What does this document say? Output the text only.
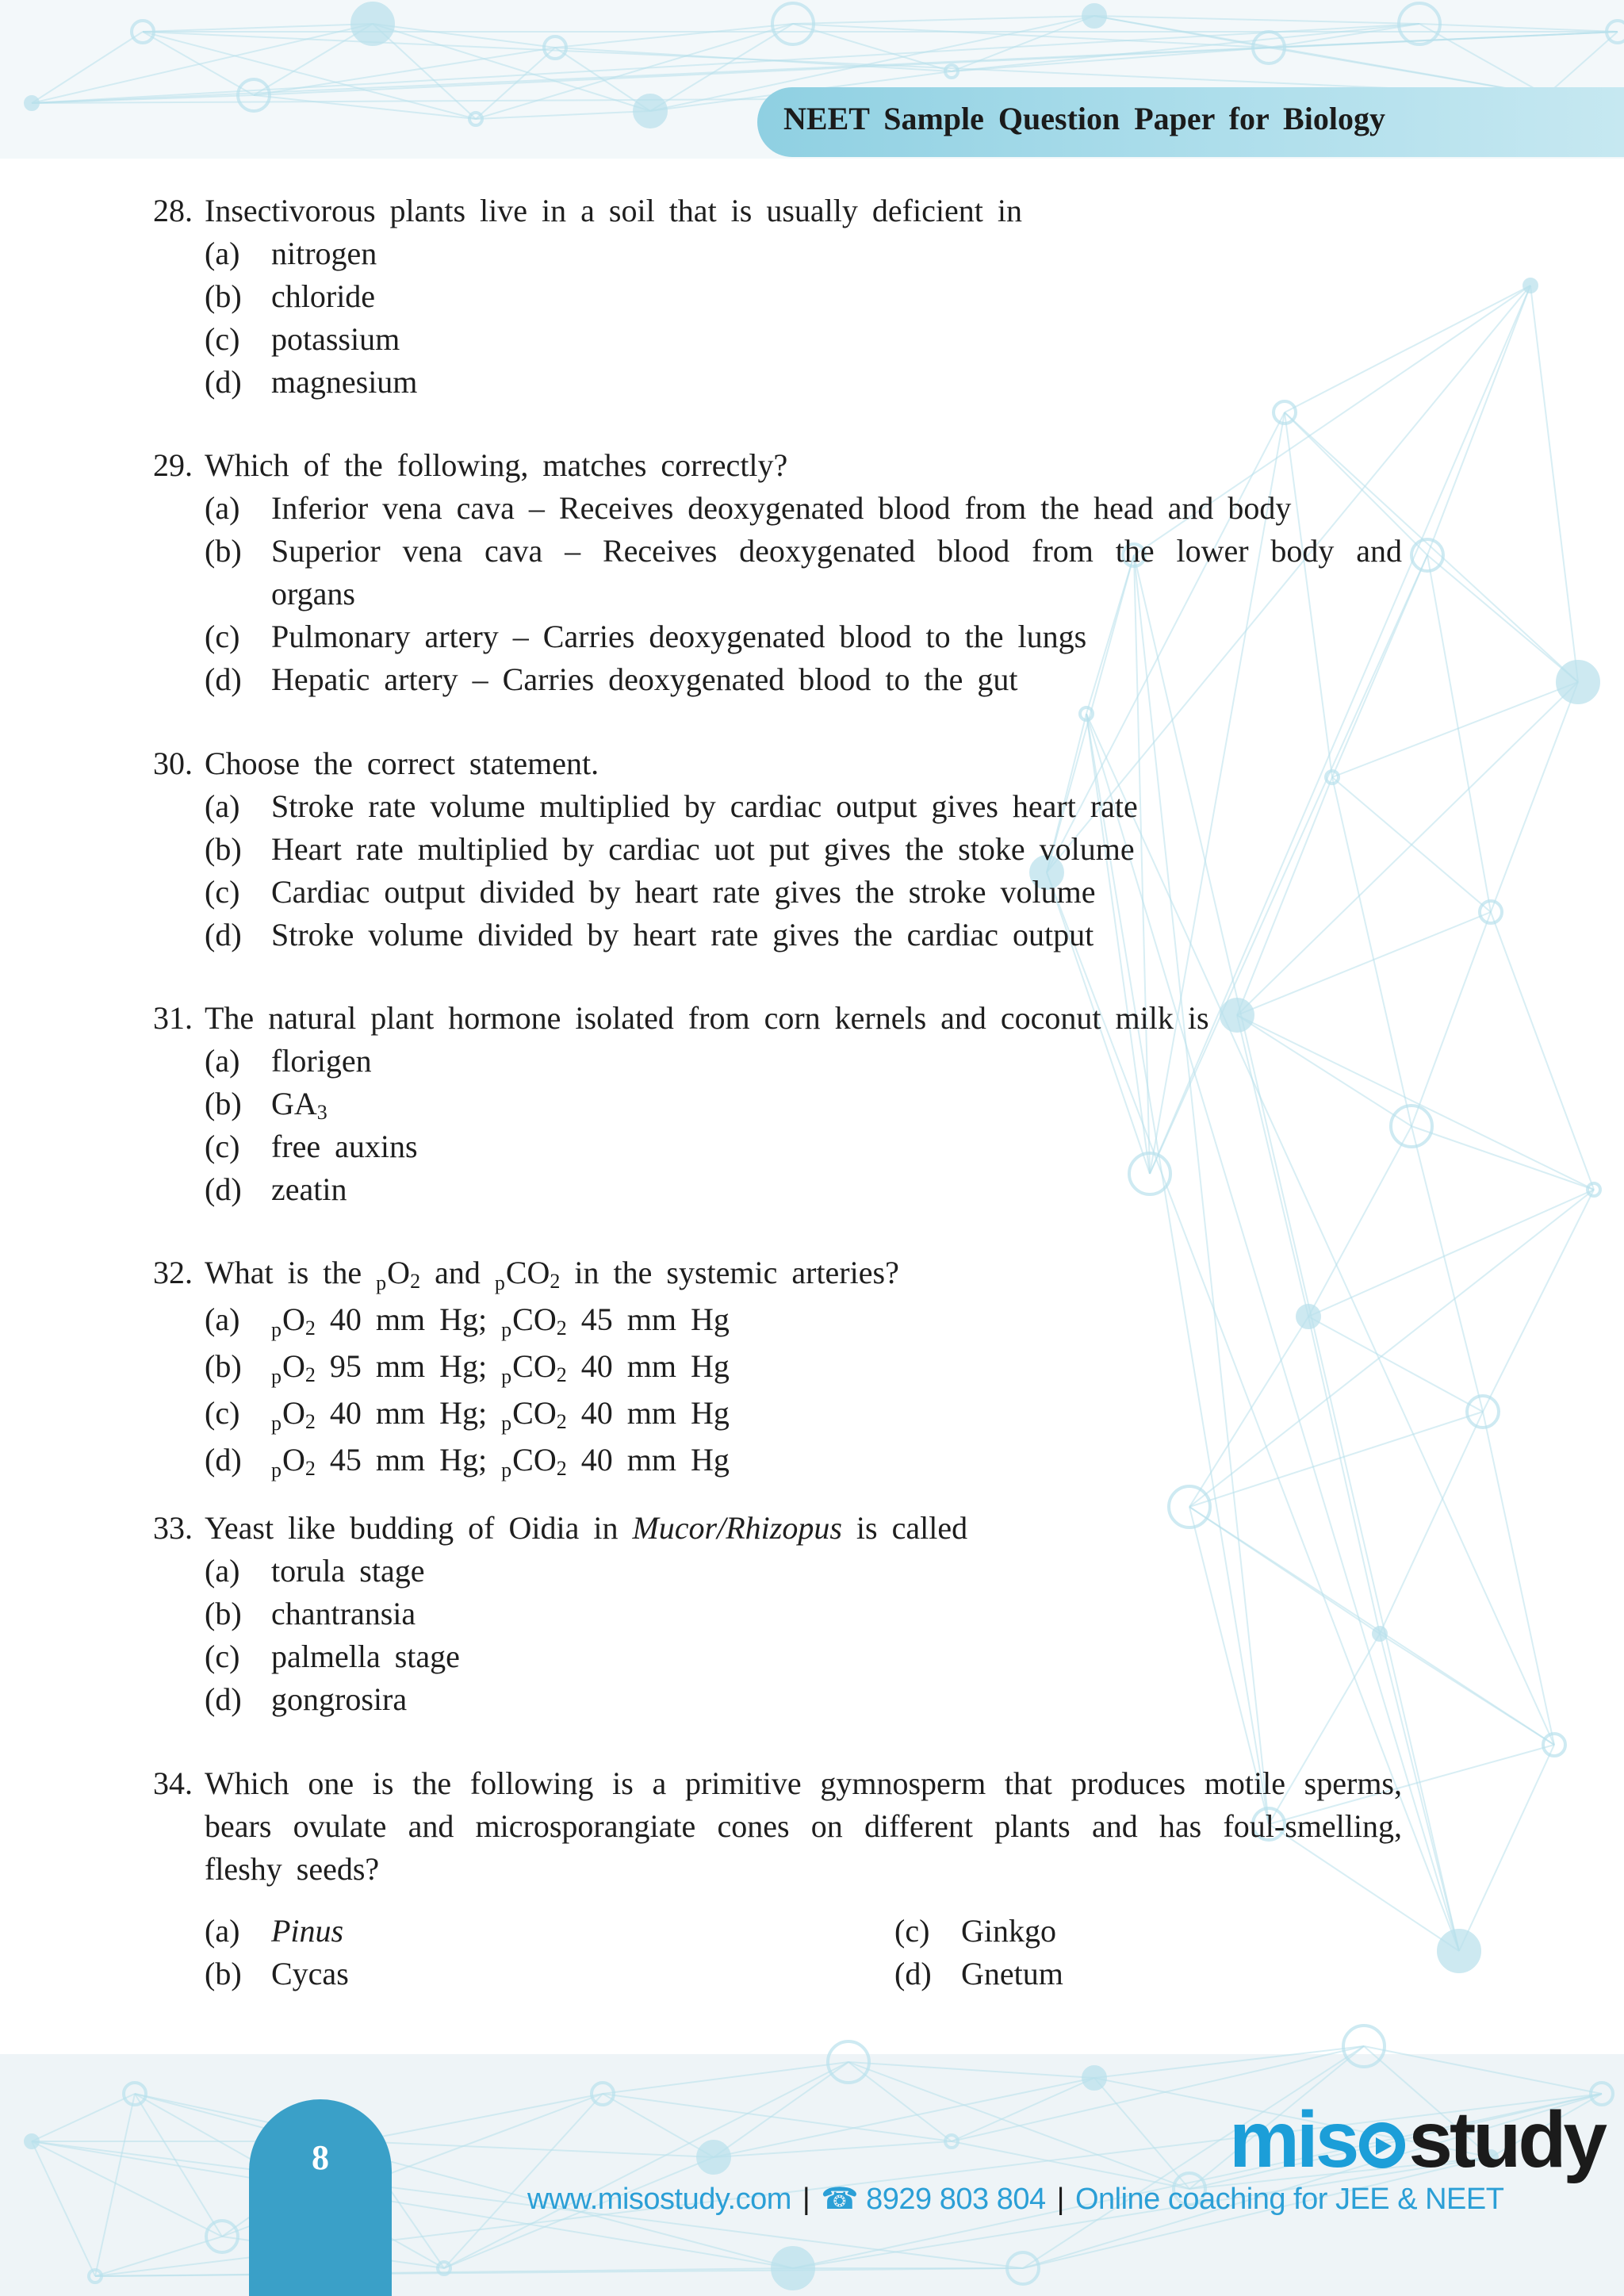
NEET Sample Question Paper for Biology
28. Insectivorous plants live in a soil that is usually deficient in
(a) nitrogen
(b) chloride
(c) potassium
(d) magnesium
29. Which of the following, matches correctly?
(a) Inferior vena cava – Receives deoxygenated blood from the head and body
(b) Superior vena cava – Receives deoxygenated blood from the lower body and organs
(c) Pulmonary artery – Carries deoxygenated blood to the lungs
(d) Hepatic artery – Carries deoxygenated blood to the gut
30. Choose the correct statement.
(a) Stroke rate volume multiplied by cardiac output gives heart rate
(b) Heart rate multiplied by cardiac uot put gives the stoke volume
(c) Cardiac output divided by heart rate gives the stroke volume
(d) Stroke volume divided by heart rate gives the cardiac output
31. The natural plant hormone isolated from corn kernels and coconut milk is
(a) florigen
(b) $GA_3$
(c) free auxins
(d) zeatin
32. What is the $_pO_2$ and $_pCO_2$ in the systemic arteries?
(a) $_pO_2$ 40 mm Hg; $_pCO_2$ 45 mm Hg
(b) $_pO_2$ 95 mm Hg; $_pCO_2$ 40 mm Hg
(c) $_pO_2$ 40 mm Hg; $_pCO_2$ 40 mm Hg
(d) $_pO_2$ 45 mm Hg; $_pCO_2$ 40 mm Hg
33. Yeast like budding of Oidia in Mucor/Rhizopus is called
(a) torula stage
(b) chantransia
(c) palmella stage
(d) gongrosira
34. Which one is the following is a primitive gymnosperm that produces motile sperms, bears ovulate and microsporangiate cones on different plants and has foul-smelling, fleshy seeds?
(a) Pinus	(c) Ginkgo
(b) Cycas	(d) Gnetum
8	mis study
www.misostudy.com | ☎ 8929 803 804 | Online coaching for JEE & NEET
